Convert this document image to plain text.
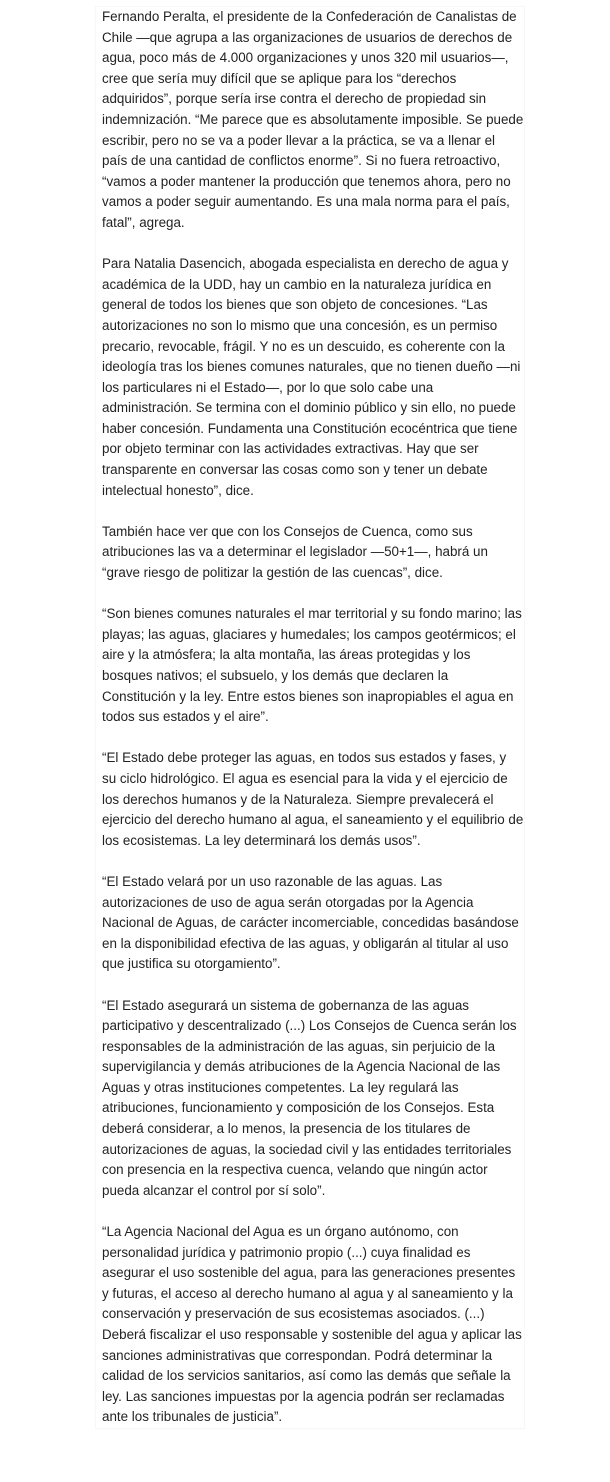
Fernando Peralta, el presidente de la Confederación de Canalistas de Chile —que agrupa a las organizaciones de usuarios de derechos de agua, poco más de 4.000 organizaciones y unos 320 mil usuarios—, cree que sería muy difícil que se aplique para los “derechos adquiridos”, porque sería irse contra el derecho de propiedad sin indemnización. “Me parece que es absolutamente imposible. Se puede escribir, pero no se va a poder llevar a la práctica, se va a llenar el país de una cantidad de conflictos enorme”. Si no fuera retroactivo, “vamos a poder mantener la producción que tenemos ahora, pero no vamos a poder seguir aumentando. Es una mala norma para el país, fatal”, agrega.

Para Natalia Dasencich, abogada especialista en derecho de agua y académica de la UDD, hay un cambio en la naturaleza jurídica en general de todos los bienes que son objeto de concesiones. “Las autorizaciones no son lo mismo que una concesión, es un permiso precario, revocable, frágil. Y no es un descuido, es coherente con la ideología tras los bienes comunes naturales, que no tienen dueño —ni los particulares ni el Estado—, por lo que solo cabe una administración. Se termina con el dominio público y sin ello, no puede haber concesión. Fundamenta una Constitución ecocéntrica que tiene por objeto terminar con las actividades extractivas. Hay que ser transparente en conversar las cosas como son y tener un debate intelectual honesto”, dice.

También hace ver que con los Consejos de Cuenca, como sus atribuciones las va a determinar el legislador —50+1—, habrá un “grave riesgo de politizar la gestión de las cuencas”, dice.

“Son bienes comunes naturales el mar territorial y su fondo marino; las playas; las aguas, glaciares y humedales; los campos geotérmicos; el aire y la atmósfera; la alta montaña, las áreas protegidas y los bosques nativos; el subsuelo, y los demás que declaren la Constitución y la ley. Entre estos bienes son inapropiables el agua en todos sus estados y el aire”.

“El Estado debe proteger las aguas, en todos sus estados y fases, y su ciclo hidrológico. El agua es esencial para la vida y el ejercicio de los derechos humanos y de la Naturaleza. Siempre prevalecerá el ejercicio del derecho humano al agua, el saneamiento y el equilibrio de los ecosistemas. La ley determinará los demás usos”.

“El Estado velará por un uso razonable de las aguas. Las autorizaciones de uso de agua serán otorgadas por la Agencia Nacional de Aguas, de carácter incomerciable, concedidas basándose en la disponibilidad efectiva de las aguas, y obligarán al titular al uso que justifica su otorgamiento”.

“El Estado asegurará un sistema de gobernanza de las aguas participativo y descentralizado (...) Los Consejos de Cuenca serán los responsables de la administración de las aguas, sin perjuicio de la supervigilancia y demás atribuciones de la Agencia Nacional de las Aguas y otras instituciones competentes. La ley regulará las atribuciones, funcionamiento y composición de los Consejos. Esta deberá considerar, a lo menos, la presencia de los titulares de autorizaciones de aguas, la sociedad civil y las entidades territoriales con presencia en la respectiva cuenca, velando que ningún actor pueda alcanzar el control por sí solo”.

“La Agencia Nacional del Agua es un órgano autónomo, con personalidad jurídica y patrimonio propio (...) cuya finalidad es asegurar el uso sostenible del agua, para las generaciones presentes y futuras, el acceso al derecho humano al agua y al saneamiento y la conservación y preservación de sus ecosistemas asociados. (...) Deberá fiscalizar el uso responsable y sostenible del agua y aplicar las sanciones administrativas que correspondan. Podrá determinar la calidad de los servicios sanitarios, así como las demás que señale la ley. Las sanciones impuestas por la agencia podrán ser reclamadas ante los tribunales de justicia”.
